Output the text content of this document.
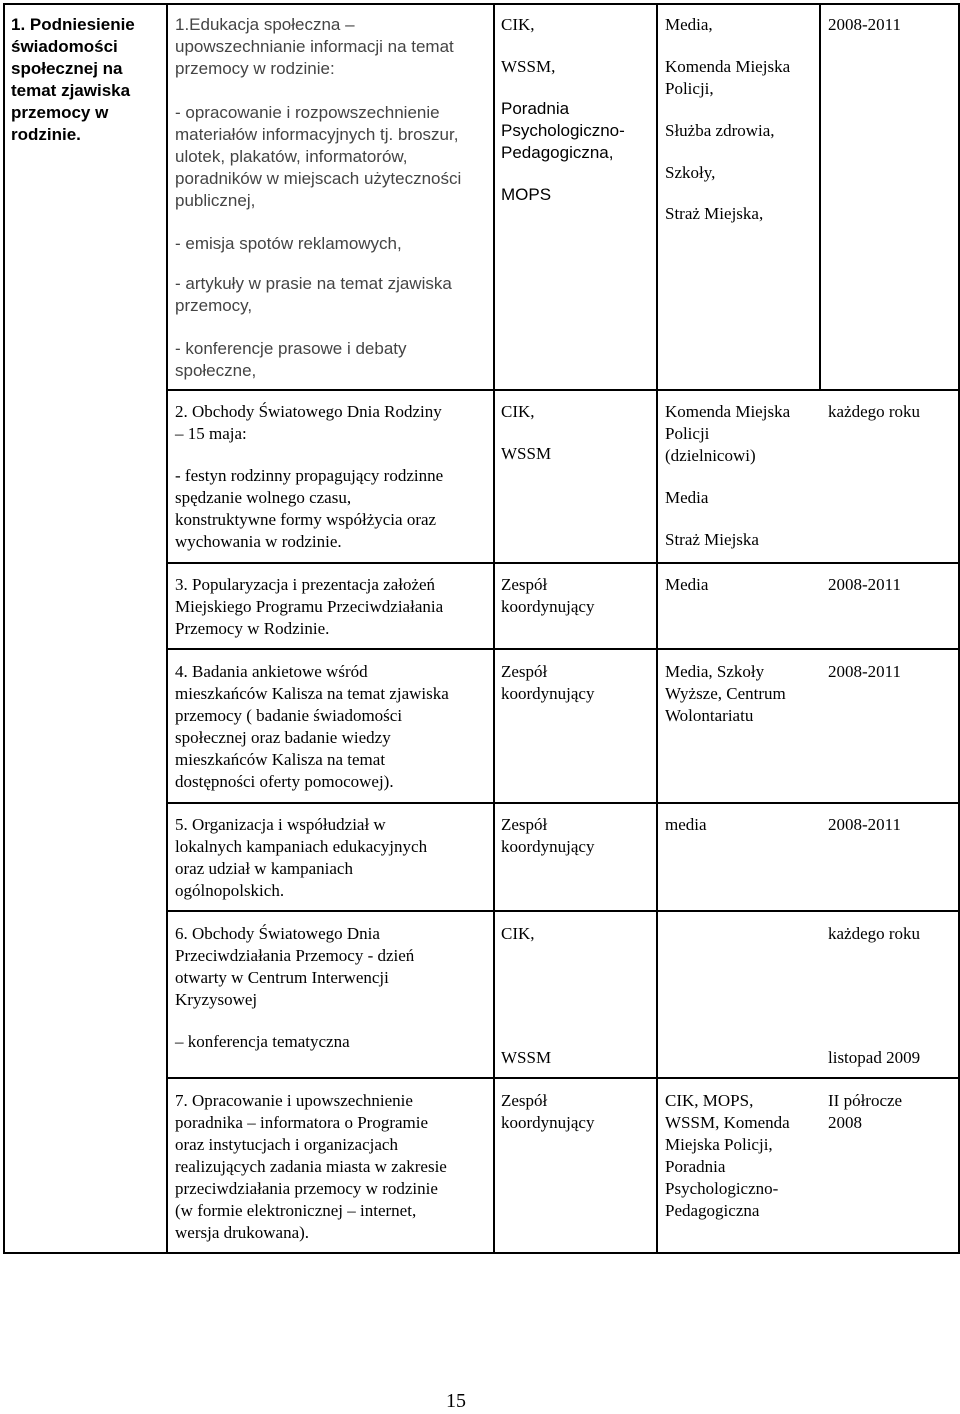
1. Podniesienie
świadomości
społecznej na
temat zjawiska
przemocy w
rodzinie.
1.Edukacja społeczna –
upowszechnianie informacji na temat
przemocy w rodzinie:
- opracowanie i rozpowszechnienie
materiałów informacyjnych tj. broszur,
ulotek, plakatów, informatorów,
poradników w miejscach użyteczności
publicznej,
- emisja spotów reklamowych,
- artykuły w prasie na temat zjawiska
przemocy,
- konferencje prasowe i debaty
społeczne,
CIK,
WSSM,
Poradnia
Psychologiczno-
Pedagogiczna,
MOPS
Media,
Komenda Miejska
Policji,
Służba zdrowia,
Szkoły,
Straż Miejska,
2008-2011
2. Obchody Światowego Dnia Rodziny
– 15 maja:
- festyn rodzinny propagujący rodzinne
spędzanie wolnego czasu,
konstruktywne formy współżycia oraz
wychowania w rodzinie.
CIK,
WSSM
Komenda Miejska
Policji
(dzielnicowi)
Media
Straż Miejska
każdego roku
3. Popularyzacja i prezentacja założeń
Miejskiego Programu Przeciwdziałania
Przemocy w Rodzinie.
Zespół
koordynujący
Media	2008-2011
4. Badania ankietowe wśród
mieszkańców Kalisza na temat zjawiska
przemocy ( badanie świadomości
społecznej oraz badanie wiedzy
mieszkańców Kalisza na temat
dostępności oferty pomocowej).
Zespół
koordynujący
Media, Szkoły
Wyższe, Centrum
Wolontariatu
2008-2011
5. Organizacja i współudział w
lokalnych kampaniach edukacyjnych
oraz udział w kampaniach
ogólnopolskich.
Zespół
koordynujący
media	2008-2011
6. Obchody Światowego Dnia
Przeciwdziałania Przemocy - dzień
otwarty w Centrum Interwencji
Kryzysowej
– konferencja tematyczna
CIK,
WSSM
każdego roku
listopad 2009
7. Opracowanie i upowszechnienie
poradnika – informatora o Programie
oraz instytucjach i organizacjach
realizujących zadania miasta w zakresie
przeciwdziałania przemocy w rodzinie
(w formie elektronicznej – internet,
wersja drukowana).
Zespół
koordynujący
CIK, MOPS,
WSSM, Komenda
Miejska Policji,
Poradnia
Psychologiczno-
Pedagogiczna
II półrocze
2008
15
